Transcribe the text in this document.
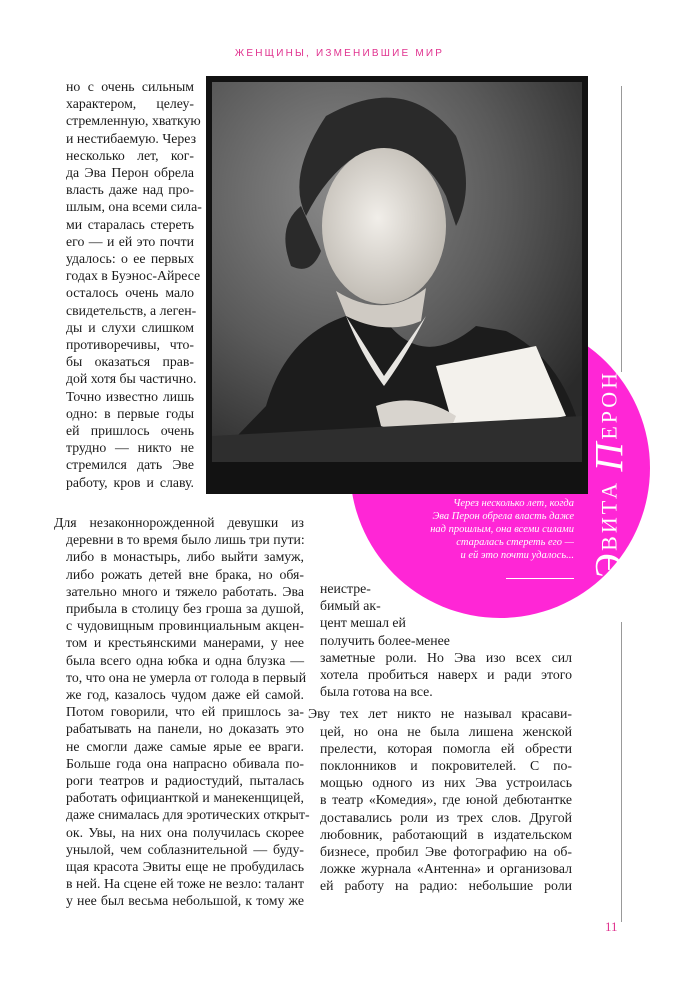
ЖЕНЩИНЫ, ИЗМЕНИВШИЕ МИР
Через несколько лет, когда
Эва Перон обрела власть даже
над прошлым, она всеми силами
старалась стереть его —
и ей это почти удалось... ЭВИТА ПЕРОН

но с очень сильным

характером, целеу-

стремленную, хваткую

и нестибаемую. Через

несколько лет, ког-

да Эва Перон обрела

власть даже над про-

шлым, она всеми сила-

ми старалась стереть

его — и ей это почти

удалось: о ее первых

годах в Буэнос-Айресе

осталось очень мало

свидетельств, а леген-

ды и слухи слишком

противоречивы, что-

бы оказаться прав-

дой хотя бы частично.

Точно известно лишь

одно: в первые годы

ей пришлось очень

трудно — никто не

стремился дать Эве

работу, кров и славу.

Для незаконнорожденной девушки из

деревни в то время было лишь три пути:

либо в монастырь, либо выйти замуж,

либо рожать детей вне брака, но обя-

зательно много и тяжело работать. Эва

прибыла в столицу без гроша за душой,

с чудовищным провинциальным акцен-

том и крестьянскими манерами, у нее

была всего одна юбка и одна блузка —

то, что она не умерла от голода в первый

же год, казалось чудом даже ей самой.

Потом говорили, что ей пришлось за-

рабатывать на панели, но доказать это

не смогли даже самые ярые ее враги.

Больше года она напрасно обивала по-

роги театров и радиостудий, пыталась

работать официанткой и манекенщицей,

даже снималась для эротических открыт-

ок. Увы, на них она получилась скорее

унылой, чем соблазнительной — буду-

щая красота Эвиты еще не пробудилась

в ней. На сцене ей тоже не везло: талант

у нее был весьма небольшой, к тому же

неистре-

бимый ак-

цент мешал ей

получить более-менее

заметные роли. Но Эва изо всех сил

хотела пробиться наверх и ради этого

была готова на все.

Эву тех лет никто не называл красави-

цей, но она не была лишена женской

прелести, которая помогла ей обрести

поклонников и покровителей. С по-

мощью одного из них Эва устроилась

в театр «Комедия», где юной дебютантке

доставались роли из трех слов. Другой

любовник, работающий в издательском

бизнесе, пробил Эве фотографию на об-

ложке журнала «Антенна» и организовал

ей работу на радио: небольшие роли

11
